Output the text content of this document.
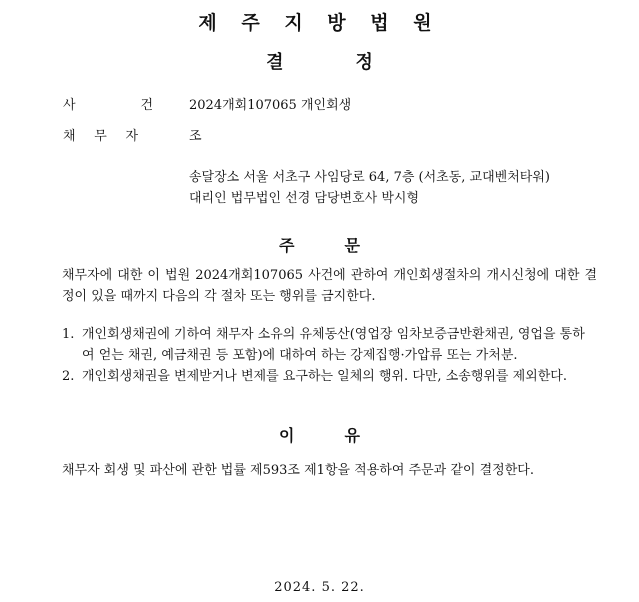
제 주 지 방 법 원
결	정
사	건	2024개회107065 개인회생
채 무 자	조
송달장소 서울 서초구 사임당로 64, 7층 (서초동, 교대벤처타워)
대리인 법무법인 선경 담당변호사 박시형
주	문
채무자에 대한 이 법원 2024개회107065 사건에 관하여 개인회생절차의 개시신청에 대한 결정이 있을 때까지 다음의 각 절차 또는 행위를 금지한다.
1. 개인회생채권에 기하여 채무자 소유의 유체동산(영업장 임차보증금반환채권, 영업을 통하여 얻는 채권, 예금채권 등 포함)에 대하여 하는 강제집행·가압류 또는 가처분.
2. 개인회생채권을 변제받거나 변제를 요구하는 일체의 행위. 다만, 소송행위를 제외한다.
이	유
채무자 회생 및 파산에 관한 법률 제593조 제1항을 적용하여 주문과 같이 결정한다.
2024. 5. 22.
